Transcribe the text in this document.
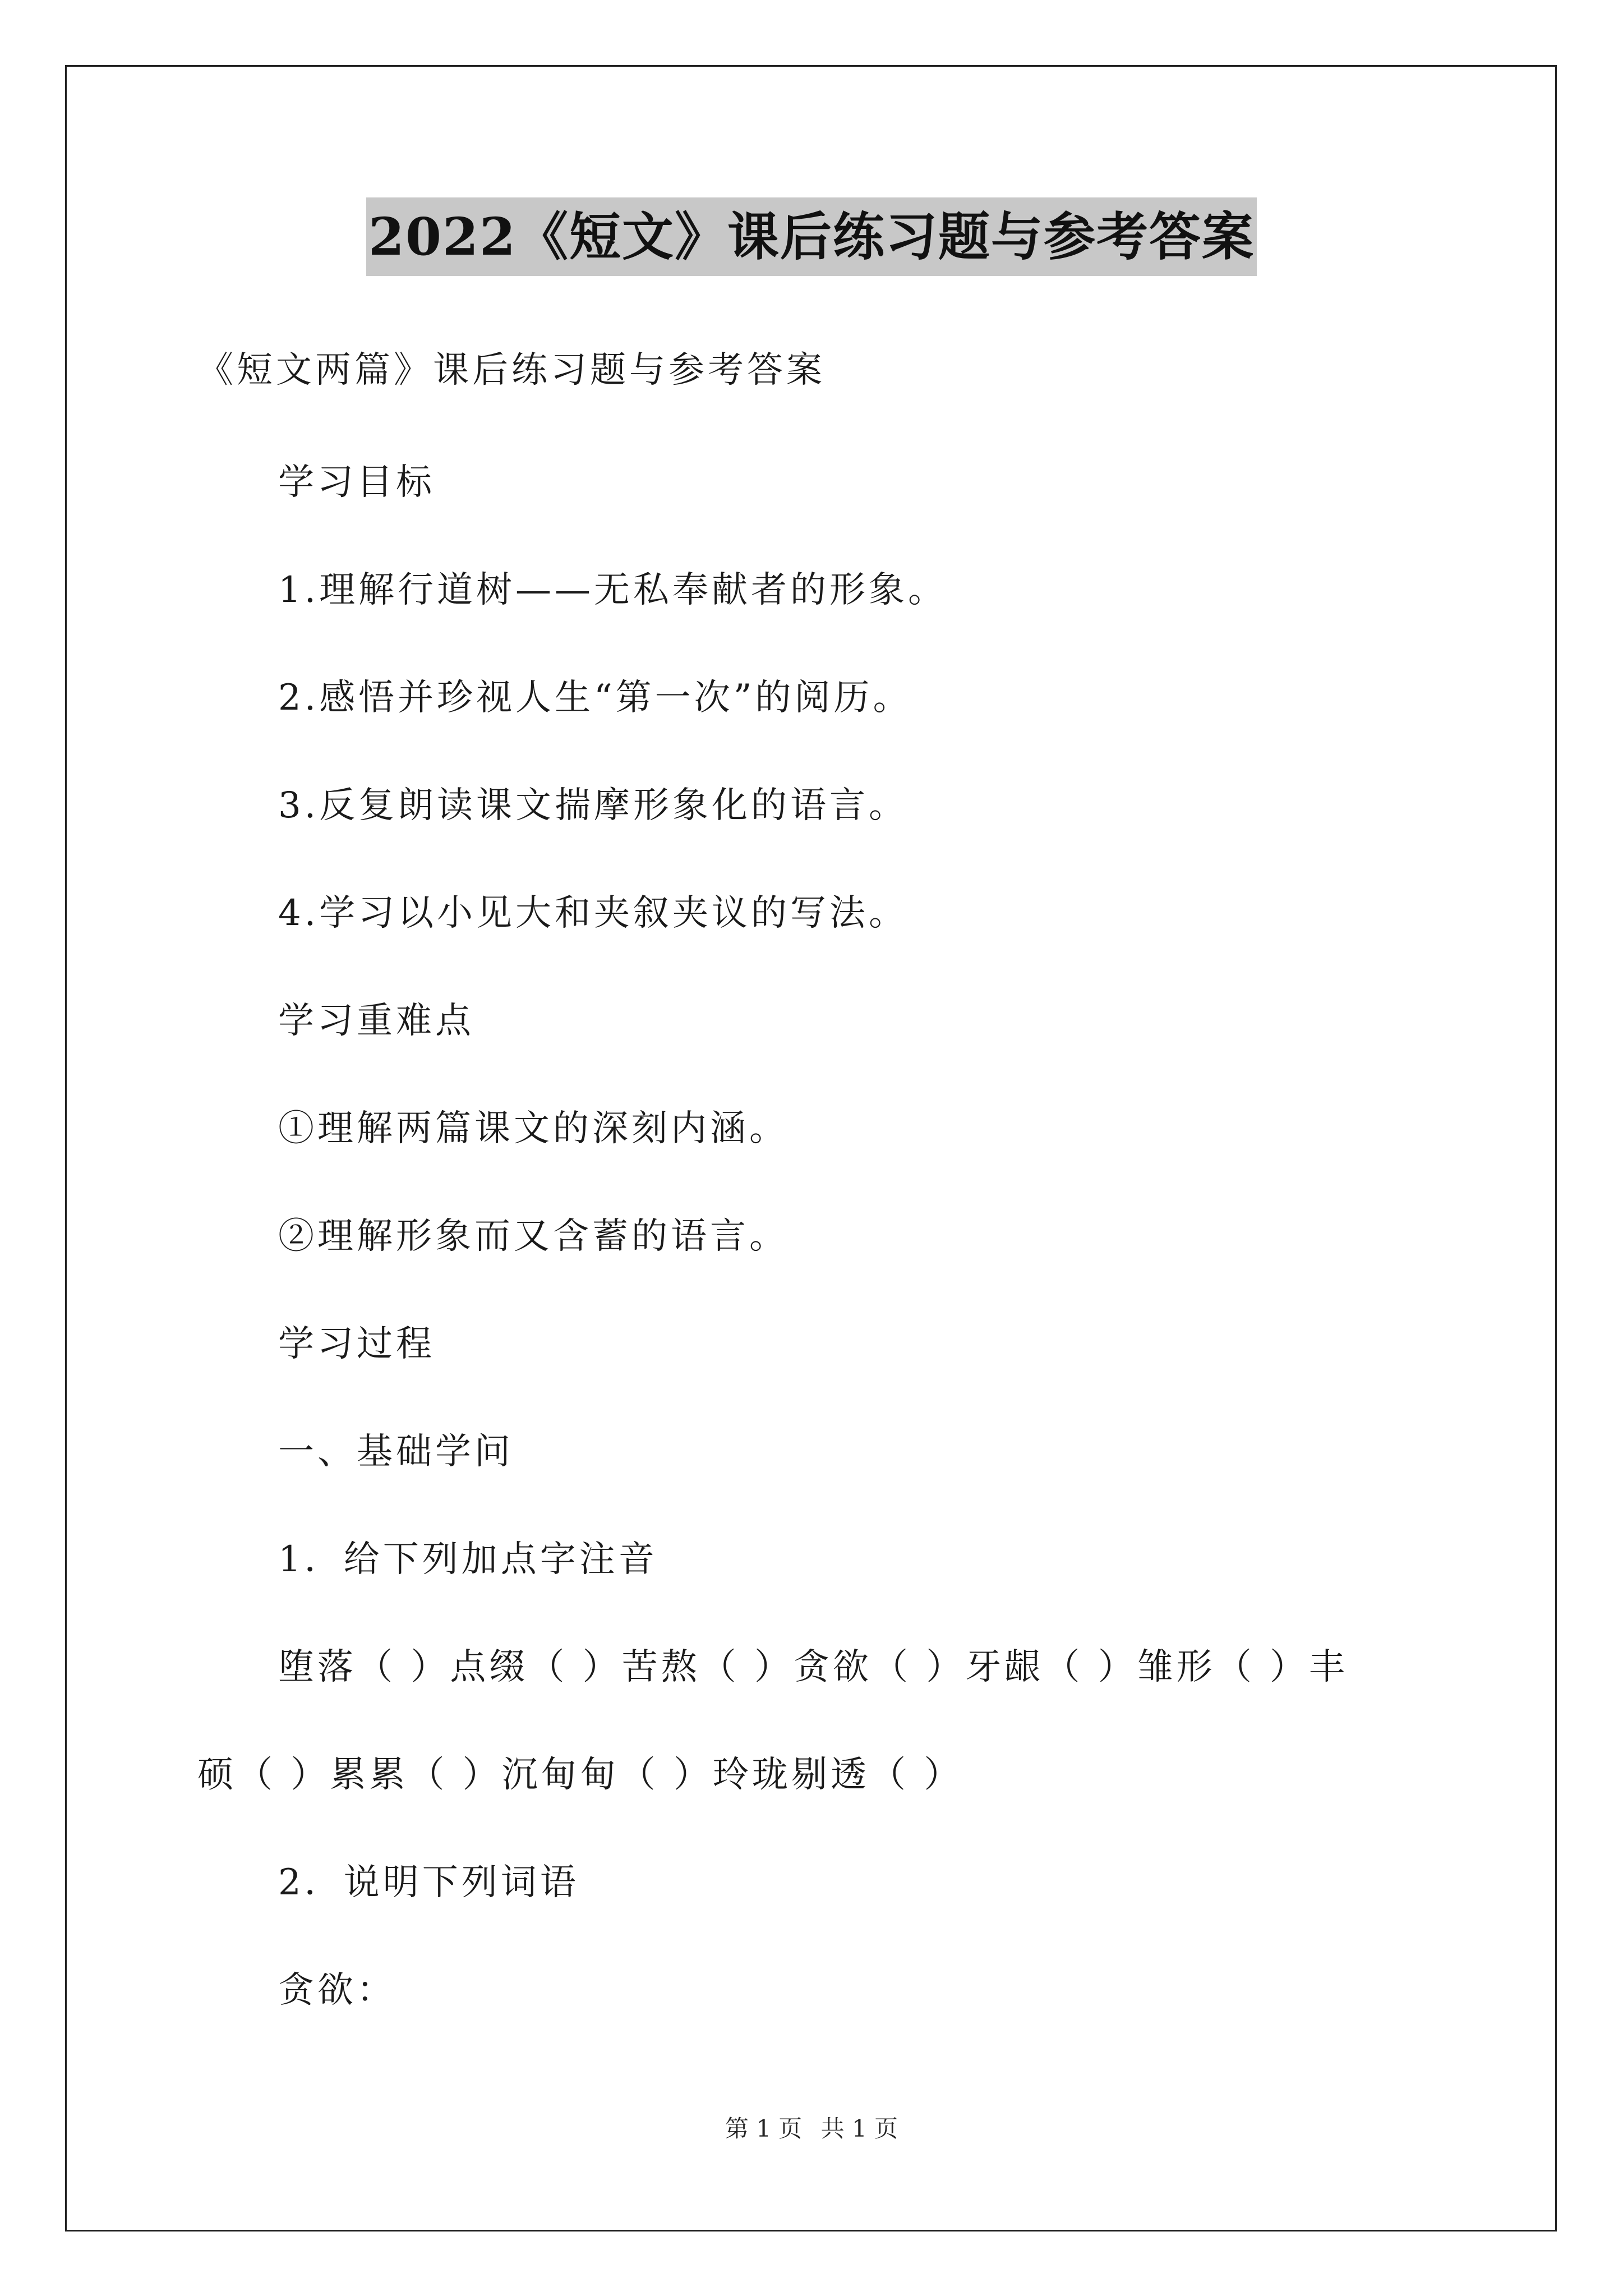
2022《短文》课后练习题与参考答案
《短文两篇》课后练习题与参考答案
学习目标
1.理解行道树——无私奉献者的形象。
2.感悟并珍视人生“第一次”的阅历。
3.反复朗读课文揣摩形象化的语言。
4.学习以小见大和夹叙夹议的写法。
学习重难点
①理解两篇课文的深刻内涵。
②理解形象而又含蓄的语言。
学习过程
一、基础学问
1．给下列加点字注音
堕落（ ）点缀（ ）苦熬（ ）贪欲（ ）牙龈（ ）雏形（ ）丰
硕（ ）累累（ ）沉甸甸（ ）玲珑剔透（ ）
2．说明下列词语
贪欲：
第 1 页 共 1 页
